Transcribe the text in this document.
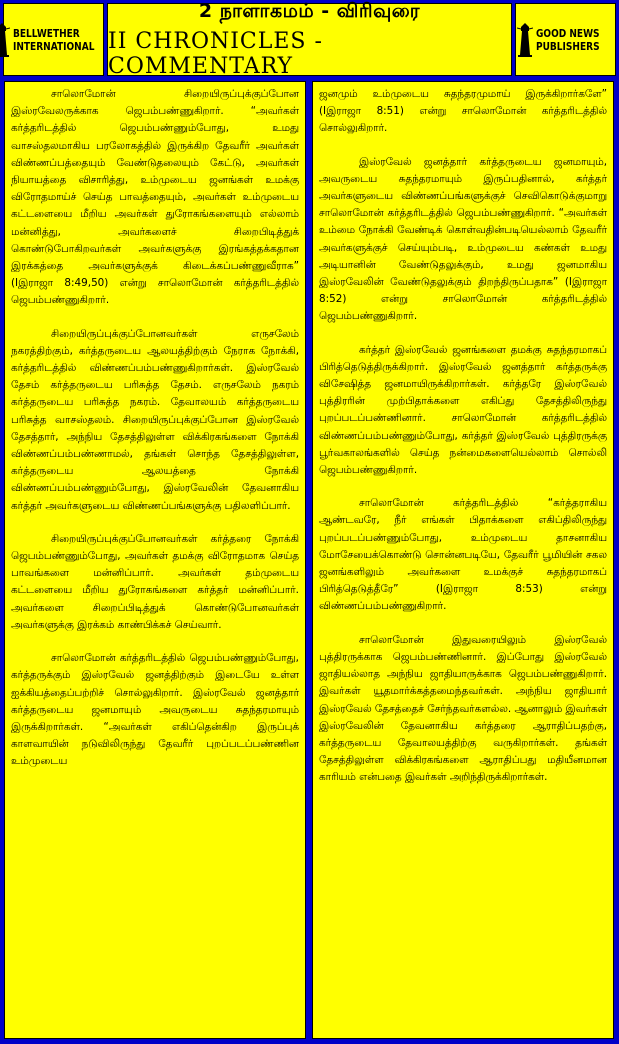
BELLWETHER
INTERNATIONAL
2 நாளாகமம் - விரிவுரை
II CHRONICLES - COMMENTARY
GOOD NEWS
PUBLISHERS

சாலொமோன் சிறையிருப்புக்குப்போன இஸ்ரவேலருக்காக ஜெபம்பண்ணுகிறார். “அவர்கள் கர்த்தரிடத்தில் ஜெபம்பண்ணும்போது, உமது வாசஸ்தலமாகிய பரலோகத்தில் இருக்கிற தேவரீர் அவர்கள் விண்ணப்பத்தையும் வேண்டுதலையும் கேட்டு, அவர்கள் நியாயத்தை விசாரித்து, உம்முடைய ஜனங்கள் உமக்கு விரோதமாய்ச் செய்த பாவத்தையும், அவர்கள் உம்முடைய கட்டளையை மீறிய அவர்கள் துரோகங்களையும் எல்லாம் மன்னித்து, அவர்களைச் சிறைபிடித்துக் கொண்டுபோகிறவர்கள் அவர்களுக்கு இரங்கத்தக்கதான இரக்கத்தை அவர்களுக்குக் கிடைக்கப்பண்ணுவீராக” (Iஇராஜா 8:49,50) என்று சாலொமோன் கர்த்தரிடத்தில் ஜெபம்பண்ணுகிறார்.

சிறையிருப்புக்குப்போனவர்கள் எருசலேம் நகரத்திற்கும், கர்த்தருடைய ஆலயத்திற்கும் நேராக நோக்கி, கர்த்தரிடத்தில் விண்ணப்பம்பண்ணுகிறார்கள். இஸ்ரவேல் தேசம் கர்த்தருடைய பரிசுத்த தேசம். எருசலேம் நகரம் கர்த்தருடைய பரிசுத்த நகரம். தேவாலயம் கர்த்தருடைய பரிசுத்த வாசஸ்தலம். சிறையிருப்புக்குப்போன இஸ்ரவேல் தேசத்தார், அந்நிய தேசத்திலுள்ள விக்கிரகங்களை நோக்கி விண்ணப்பம்பண்ணாமல், தங்கள் சொந்த தேசத்திலுள்ள, கர்த்தருடைய ஆலயத்தை நோக்கி விண்ணப்பம்பண்ணும்போது, இஸ்ரவேலின் தேவனாகிய கர்த்தர் அவர்களுடைய விண்ணப்பங்களுக்கு பதிலளிப்பார்.

சிறையிருப்புக்குப்போனவர்கள் கர்த்தரை நோக்கி ஜெபம்பண்ணும்போது, அவர்கள் தமக்கு விரோதமாக செய்த பாவங்களை மன்னிப்பார். அவர்கள் தம்முடைய கட்டளையை மீறிய துரோகங்களை கர்த்தர் மன்னிப்பார். அவர்களை சிறைப்பிடித்துக் கொண்டுபோனவர்கள் அவர்களுக்கு இரக்கம் காண்பிக்கச் செய்வார்.

சாலொமோன் கர்த்தரிடத்தில் ஜெபம்பண்ணும்போது, கர்த்தருக்கும் இஸ்ரவேல் ஜனத்திற்கும் இடையே உள்ள ஐக்கியத்தைப்பற்றிச் சொல்லுகிறார். இஸ்ரவேல் ஜனத்தார் கர்த்தருடைய ஜனமாயும் அவருடைய சுதந்தரமாயும் இருக்கிறார்கள். “அவர்கள் எகிப்தென்கிற இருப்புக் காளவாயின் நடுவிலிருந்து தேவரீர் புறப்படப்பண்ணின உம்முடைய

ஜனமும் உம்முடைய சுதந்தரமுமாய் இருக்கிறார்களே” (Iஇராஜா 8:51) என்று சாலொமோன் கர்த்தரிடத்தில் சொல்லுகிறார்.

இஸ்ரவேல் ஜனத்தார் கர்த்தருடைய ஜனமாயும், அவருடைய சுதந்தரமாயும் இருப்பதினால், கர்த்தர் அவர்களுடைய விண்ணப்பங்களுக்குச் செவிகொடுக்குமாறு சாலொமோன் கர்த்தரிடத்தில் ஜெபம்பண்ணுகிறார். “அவர்கள் உம்மை நோக்கி வேண்டிக் கொள்வதின்படியெல்லாம் தேவரீர் அவர்களுக்குச் செய்யும்படி, உம்முடைய கண்கள் உமது அடியானின் வேண்டுதலுக்கும், உமது ஜனமாகிய இஸ்ரவேலின் வேண்டுதலுக்கும் திறந்திருப்பதாக” (Iஇராஜா 8:52) என்று சாலொமோன் கர்த்தரிடத்தில் ஜெபம்பண்ணுகிறார்.

கர்த்தர் இஸ்ரவேல் ஜனங்களை தமக்கு சுதந்தரமாகப் பிரித்தெடுத்திருக்கிறார். இஸ்ரவேல் ஜனத்தார் கர்த்தருக்கு விசேஷித்த ஜனமாயிருக்கிறார்கள். கர்த்தரே இஸ்ரவேல் புத்திரரின் முற்பிதாக்களை எகிப்து தேசத்திலிருந்து புறப்படப்பண்ணினார். சாலொமோன் கர்த்தரிடத்தில் விண்ணப்பம்பண்ணும்போது, கர்த்தர் இஸ்ரவேல் புத்திரருக்கு பூர்வகாலங்களில் செய்த நன்மைகளையெல்லாம் சொல்லி ஜெபம்பண்ணுகிறார்.

சாலொமோன் கர்த்தரிடத்தில் “கர்த்தராகிய ஆண்டவரே, நீர் எங்கள் பிதாக்களை எகிப்திலிருந்து புறப்படப்பண்ணும்போது, உம்முடைய தாசனாகிய மோசேயைக்கொண்டு சொன்னபடியே, தேவரீர் பூமியின் சகல ஜனங்களிலும் அவர்களை உமக்குச் சுதந்தரமாகப் பிரித்தெடுத்தீரே” (Iஇராஜா 8:53) என்று விண்ணப்பம்பண்ணுகிறார்.

சாலொமோன் இதுவரையிலும் இஸ்ரவேல் புத்திரருக்காக ஜெபம்பண்ணினார். இப்போது இஸ்ரவேல் ஜாதியல்லாத அந்நிய ஜாதியாருக்காக ஜெபம்பண்ணுகிறார். இவர்கள் யூதமார்க்கத்தமைந்தவர்கள். அந்நிய ஜாதியார் இஸ்ரவேல் தேசத்தைச் சேர்ந்தவர்களல்ல. ஆனாலும் இவர்கள் இஸ்ரவேலின் தேவனாகிய கர்த்தரை ஆராதிப்பதற்கு, கர்த்தருடைய தேவாலயத்திற்கு வருகிறார்கள். தங்கள் தேசத்திலுள்ள விக்கிரகங்களை ஆராதிப்பது மதியீனமான காரியம் என்பதை இவர்கள் அறிந்திருக்கிறார்கள்.
